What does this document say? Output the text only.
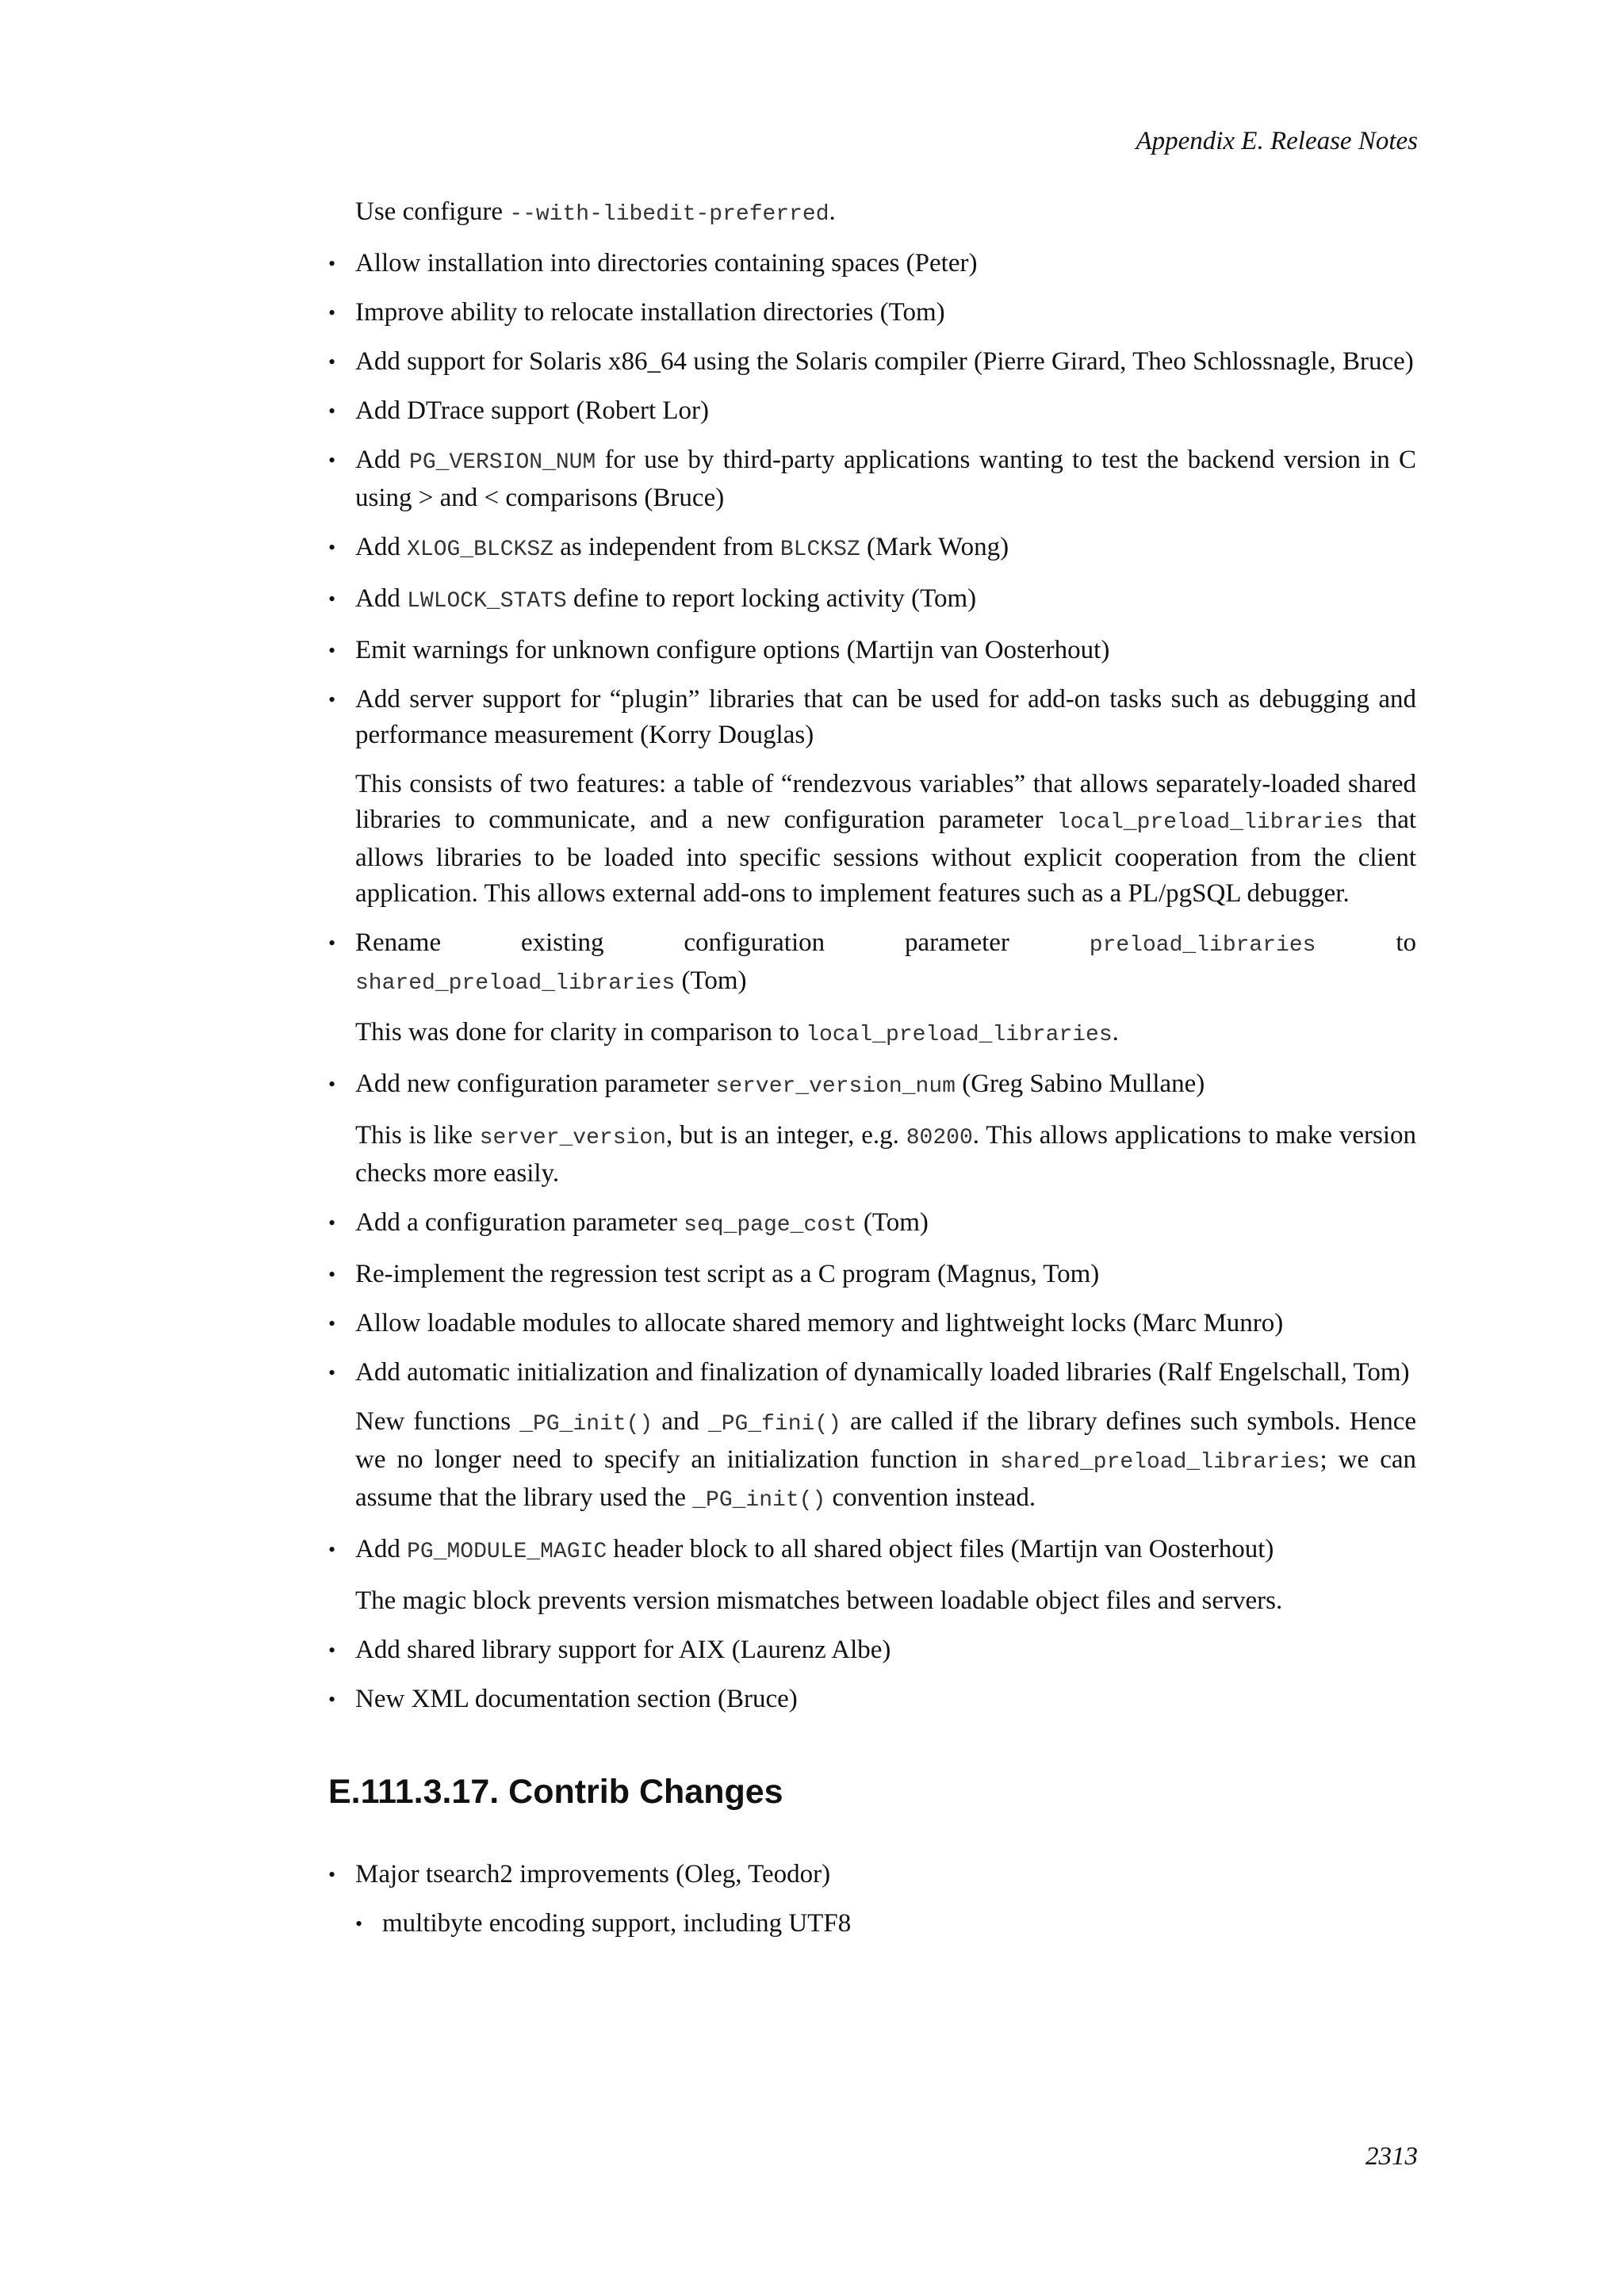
Appendix E. Release Notes

Use configure --with-libedit-preferred.

• Allow installation into directories containing spaces (Peter)
• Improve ability to relocate installation directories (Tom)
• Add support for Solaris x86_64 using the Solaris compiler (Pierre Girard, Theo Schlossnagle, Bruce)
• Add DTrace support (Robert Lor)
• Add PG_VERSION_NUM for use by third-party applications wanting to test the backend version in C using > and < comparisons (Bruce)
• Add XLOG_BLCKSZ as independent from BLCKSZ (Mark Wong)
• Add LWLOCK_STATS define to report locking activity (Tom)
• Emit warnings for unknown configure options (Martijn van Oosterhout)
• Add server support for “plugin” libraries that can be used for add-on tasks such as debugging and performance measurement (Korry Douglas)

This consists of two features: a table of “rendezvous variables” that allows separately-loaded shared libraries to communicate, and a new configuration parameter local_preload_libraries that allows libraries to be loaded into specific sessions without explicit cooperation from the client application. This allows external add-ons to implement features such as a PL/pgSQL debugger.

• Rename existing configuration parameter preload_libraries to
shared_preload_libraries (Tom)

This was done for clarity in comparison to local_preload_libraries.

• Add new configuration parameter server_version_num (Greg Sabino Mullane)

This is like server_version, but is an integer, e.g. 80200. This allows applications to make version checks more easily.

• Add a configuration parameter seq_page_cost (Tom)
• Re-implement the regression test script as a C program (Magnus, Tom)
• Allow loadable modules to allocate shared memory and lightweight locks (Marc Munro)
• Add automatic initialization and finalization of dynamically loaded libraries (Ralf Engelschall, Tom)

New functions _PG_init() and _PG_fini() are called if the library defines such symbols. Hence we no longer need to specify an initialization function in shared_preload_libraries; we can assume that the library used the _PG_init() convention instead.

• Add PG_MODULE_MAGIC header block to all shared object files (Martijn van Oosterhout)

The magic block prevents version mismatches between loadable object files and servers.

• Add shared library support for AIX (Laurenz Albe)
• New XML documentation section (Bruce)
E.111.3.17. Contrib Changes
• Major tsearch2 improvements (Oleg, Teodor)
• multibyte encoding support, including UTF8
2313
